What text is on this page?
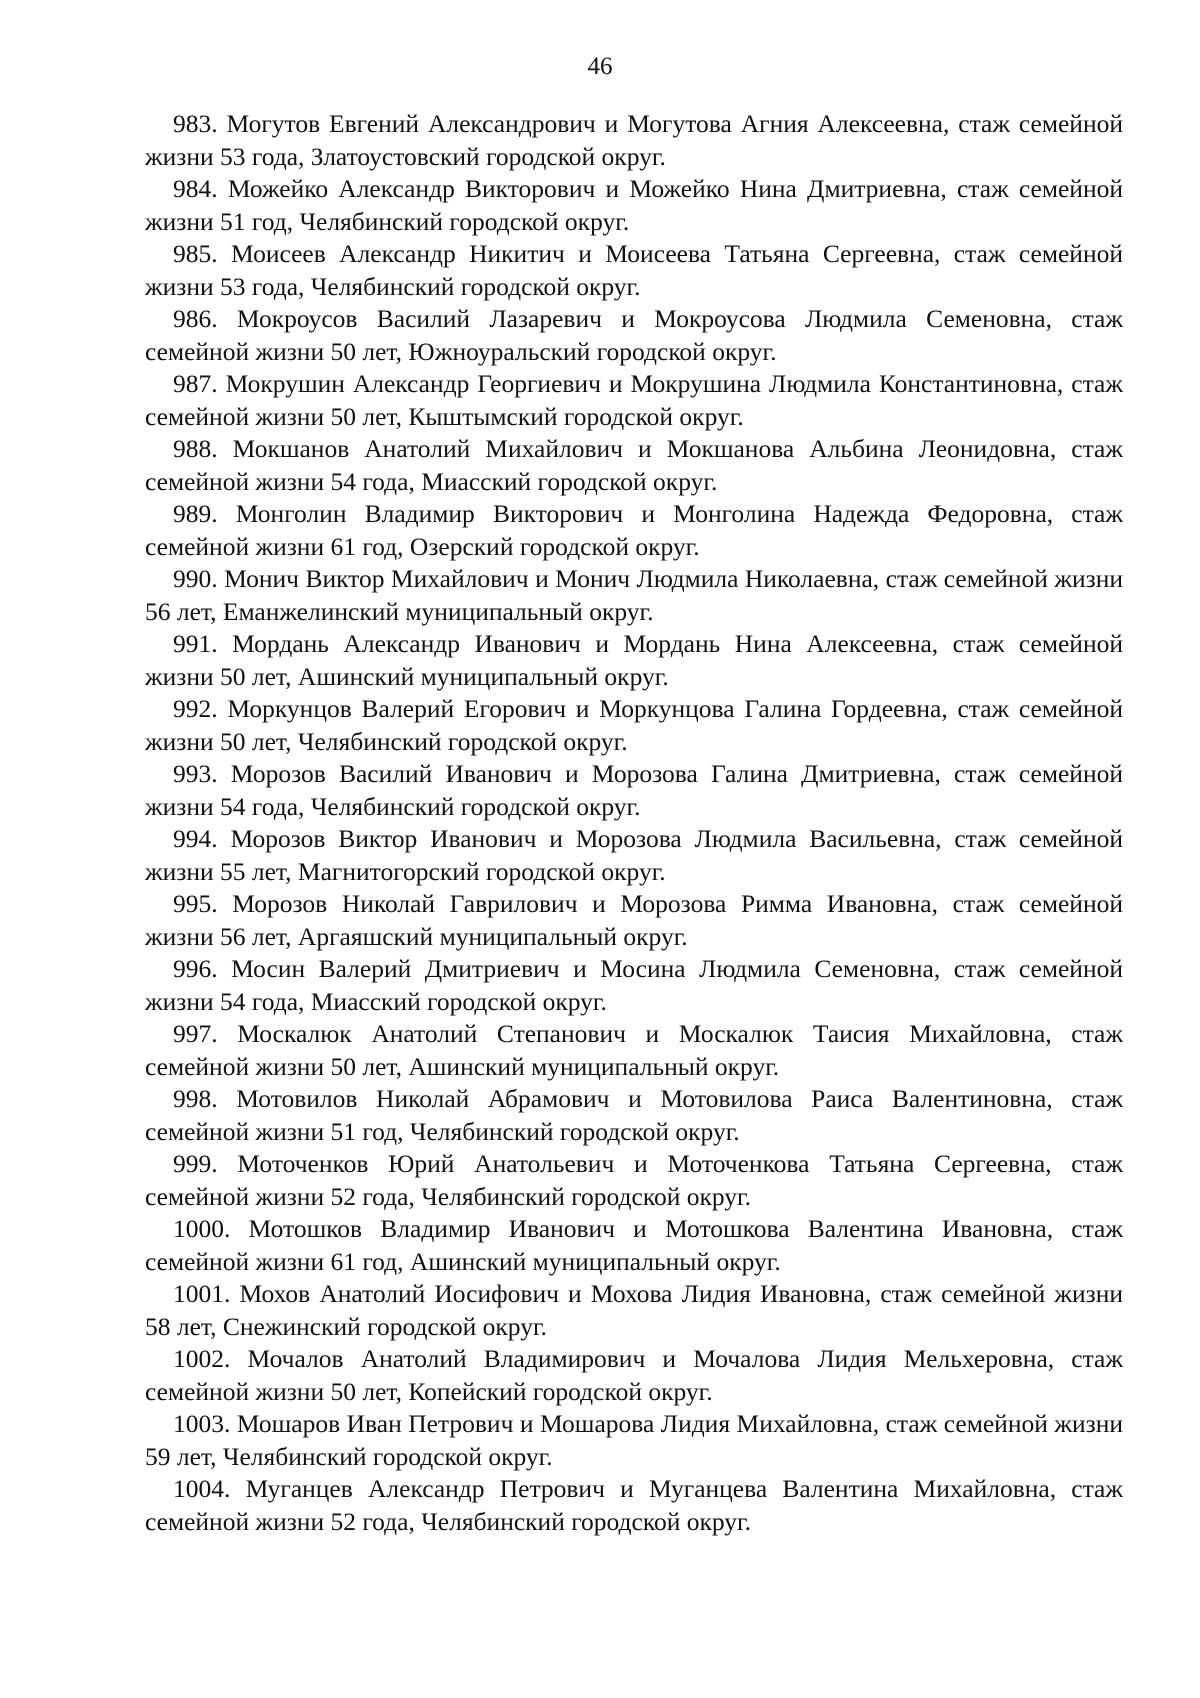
46

983. Могутов Евгений Александрович и Могутова Агния Алексеевна, стаж семейной жизни 53 года, Златоустовский городской округ.

984. Можейко Александр Викторович и Можейко Нина Дмитриевна, стаж семейной жизни 51 год, Челябинский городской округ.

985. Моисеев Александр Никитич и Моисеева Татьяна Сергеевна, стаж семейной жизни 53 года, Челябинский городской округ.

986. Мокроусов Василий Лазаревич и Мокроусова Людмила Семеновна, стаж семейной жизни 50 лет, Южноуральский городской округ.

987. Мокрушин Александр Георгиевич и Мокрушина Людмила Константиновна, стаж семейной жизни 50 лет, Кыштымский городской округ.

988. Мокшанов Анатолий Михайлович и Мокшанова Альбина Леонидовна, стаж семейной жизни 54 года, Миасский городской округ.

989. Монголин Владимир Викторович и Монголина Надежда Федоровна, стаж семейной жизни 61 год, Озерский городской округ.

990. Монич Виктор Михайлович и Монич Людмила Николаевна, стаж семейной жизни 56 лет, Еманжелинский муниципальный округ.

991. Мордань Александр Иванович и Мордань Нина Алексеевна, стаж семейной жизни 50 лет, Ашинский муниципальный округ.

992. Моркунцов Валерий Егорович и Моркунцова Галина Гордеевна, стаж семейной жизни 50 лет, Челябинский городской округ.

993. Морозов Василий Иванович и Морозова Галина Дмитриевна, стаж семейной жизни 54 года, Челябинский городской округ.

994. Морозов Виктор Иванович и Морозова Людмила Васильевна, стаж семейной жизни 55 лет, Магнитогорский городской округ.

995. Морозов Николай Гаврилович и Морозова Римма Ивановна, стаж семейной жизни 56 лет, Аргаяшский муниципальный округ.

996. Мосин Валерий Дмитриевич и Мосина Людмила Семеновна, стаж семейной жизни 54 года, Миасский городской округ.

997. Москалюк Анатолий Степанович и Москалюк Таисия Михайловна, стаж семейной жизни 50 лет, Ашинский муниципальный округ.

998. Мотовилов Николай Абрамович и Мотовилова Раиса Валентиновна, стаж семейной жизни 51 год, Челябинский городской округ.

999. Моточенков Юрий Анатольевич и Моточенкова Татьяна Сергеевна, стаж семейной жизни 52 года, Челябинский городской округ.

1000. Мотошков Владимир Иванович и Мотошкова Валентина Ивановна, стаж семейной жизни 61 год, Ашинский муниципальный округ.

1001. Мохов Анатолий Иосифович и Мохова Лидия Ивановна, стаж семейной жизни 58 лет, Снежинский городской округ.

1002. Мочалов Анатолий Владимирович и Мочалова Лидия Мельхеровна, стаж семейной жизни 50 лет, Копейский городской округ.

1003. Мошаров Иван Петрович и Мошарова Лидия Михайловна, стаж семейной жизни 59 лет, Челябинский городской округ.

1004. Муганцев Александр Петрович и Муганцева Валентина Михайловна, стаж семейной жизни 52 года, Челябинский городской округ.
